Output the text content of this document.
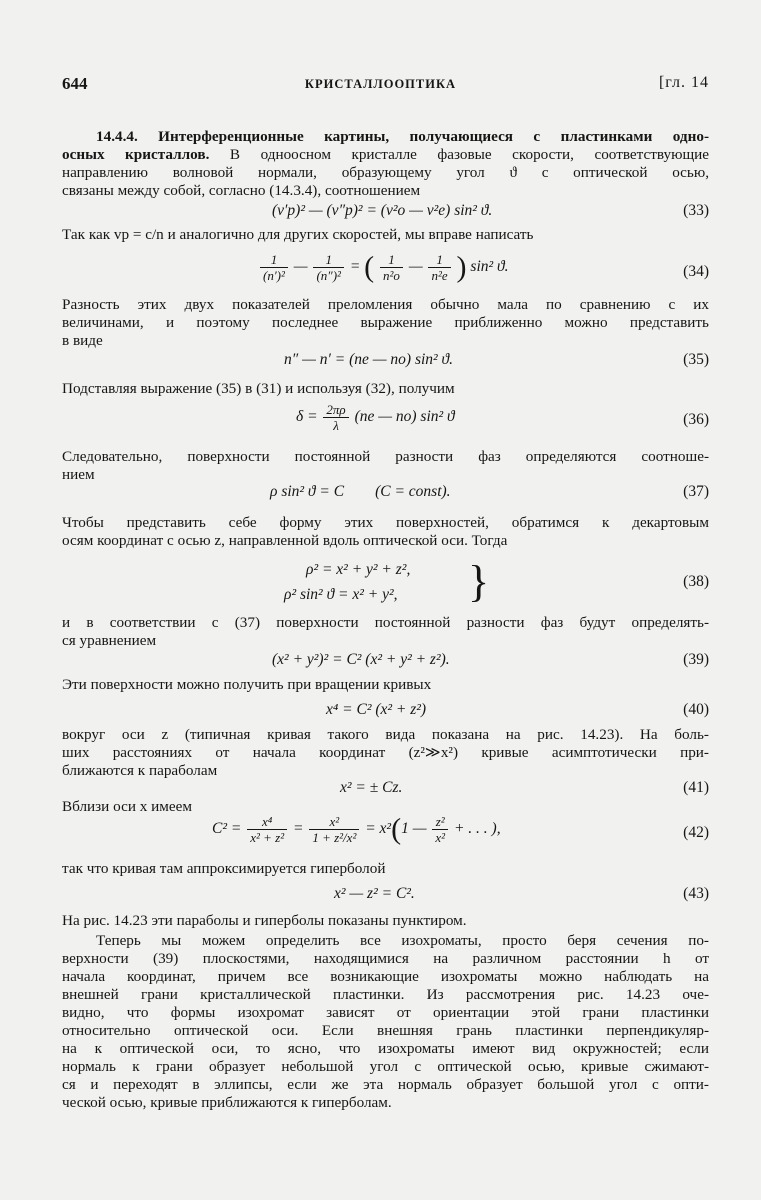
644	КРИСТАЛЛООПТИКА	[гл. 14
14.4.4. Интерференционные картины, получающиеся с пластинками одно-
осных кристаллов. В одноосном кристалле фазовые скорости, соответствующие
направлению волновой нормали, образующему угол ϑ с оптической осью,
связаны между собой, согласно (14.3.4), соотношением
(v′p)² — (v″p)² = (v²o — v²e) sin² ϑ.	(33)
Так как vp = c/n и аналогично для других скоростей, мы вправе написать
$\frac{1}{\text{(n′)²}}$ — $\frac{1}{\text{(n″)²}}$ = ( $\frac{1}{\text{n²o}}$ — $\frac{1}{\text{n²e}}$ ) sin² ϑ.	(34)
Разность этих двух показателей преломления обычно мала по сравнению с их
величинами, и поэтому последнее выражение приближенно можно представить
в виде
n″ — n′ = (ne — no) sin² ϑ.	(35)
Подставляя выражение (35) в (31) и используя (32), получим
$\delta = \frac{2\pi\rho}{\lambda} (ne$ — no) sin² ϑ	(36)
Следовательно, поверхности постоянной разности фаз определяются соотноше-
нием
ρ sin² ϑ = C        (C = const).	(37)
Чтобы представить себе форму этих поверхностей, обратимся к декартовым
осям координат с осью z, направленной вдоль оптической оси. Тогда
ρ² = x² + y² + z²,
ρ² sin² ϑ = x² + y², }	(38)
и в соответствии с (37) поверхности постоянной разности фаз будут определять-
ся уравнением
(x² + y²)² = C² (x² + y² + z²).	(39)
Эти поверхности можно получить при вращении кривых
x⁴ = C² (x² + z²)	(40)
вокруг оси z (типичная кривая такого вида показана на рис. 14.23). На боль-
ших расстояниях от начала координат (z²≫x²) кривые асимптотически при-
ближаются к параболам
x² = ± Cz.	(41)
Вблизи оси x имеем
$C^2 = \frac{\text{x⁴}}{\text{x² + z²}} = \frac{\text{x²}}{\text{1 + z²/x²}} = x^2(1$ — $\frac{\text{z²}}{\text{x²}}$ + . . . ),	(42)
так что кривая там аппроксимируется гиперболой
x² — z² = C².	(43)
На рис. 14.23 эти параболы и гиперболы показаны пунктиром.
Теперь мы можем определить все изохроматы, просто беря сечения по-
верхности (39) плоскостями, находящимися на различном расстоянии h от
начала координат, причем все возникающие изохроматы можно наблюдать на
внешней грани кристаллической пластинки. Из рассмотрения рис. 14.23 оче-
видно, что формы изохромат зависят от ориентации этой грани пластинки
относительно оптической оси. Если внешняя грань пластинки перпендикуляр-
на к оптической оси, то ясно, что изохроматы имеют вид окружностей; если
нормаль к грани образует небольшой угол с оптической осью, кривые сжимают-
ся и переходят в эллипсы, если же эта нормаль образует большой угол с опти-
ческой осью, кривые приближаются к гиперболам.
